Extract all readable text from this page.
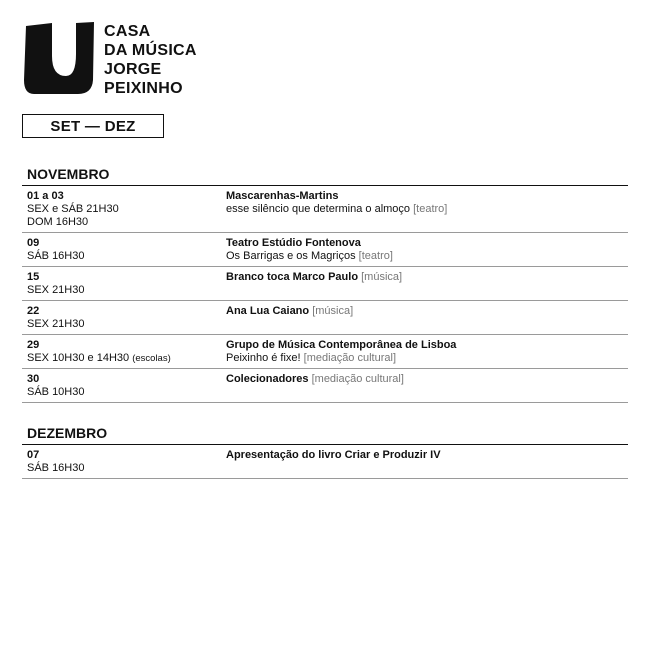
CASA
DA MÚSICA
JORGE
PEIXINHO
SET — DEZ
NOVEMBRO
01 a 03
SEX e SÁB 21H30
DOM 16H30
Mascarenhas-Martins
esse silêncio que determina o almoço [teatro]
09
SÁB 16H30
Teatro Estúdio Fontenova
Os Barrigas e os Magriços [teatro]
15
SEX 21H30
Branco toca Marco Paulo [música]
22
SEX 21H30
Ana Lua Caiano [música]
29
SEX 10H30 e 14H30 (escolas)
Grupo de Música Contemporânea de Lisboa
Peixinho é fixe! [mediação cultural]
30
SÁB 10H30
Colecionadores [mediação cultural]
DEZEMBRO
07
SÁB 16H30
Apresentação do livro Criar e Produzir IV
